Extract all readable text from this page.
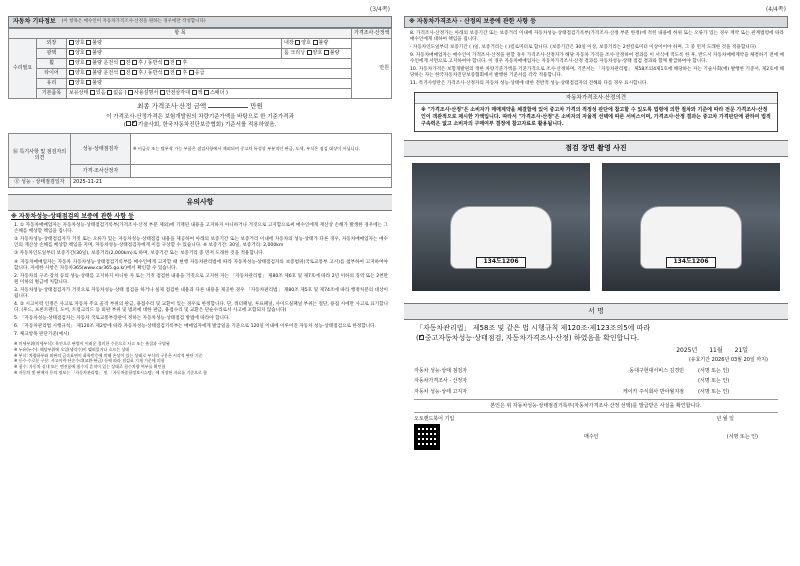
(3/4쪽)
자동차 기타정보 (이 항목은 매수인이 자동차가격조사·산정을 원하는 경우에만 작성합니다)
항 목				가격조사·산정액
수리필요	외장	양호 불량	내장 양호 불량	만원
	광택	양호 불량	룸 크리닝 양호 불량	
	휠	양호 불량 운전석 전 후 / 동반석 전 후		
	타이어	양호 불량 운전석 전 후 / 동반석 전 후 응급		
	유리	양호 불량		
	기본품목	보유상태 있음 없음 ( 사용설명서 안전삼각대 잭 스패너 )		
최종 가격조사·산정 금액	만원
이 가격조사·산정가격은 보험개발원의 차량기준가액을 바탕으로 한 기준가격과
( ✓ 기술사회, 한국자동차진단보증협회) 기준서를 적용하였음.
⑯ 특기사항 및 점검자의 의견	성능·상태점검자	※ 비금속 또는 탈부착 가능 부품은 점검사항에서 제외되며 중고차 특성상 부분적인 판금, 도색, 부식은 점검 대상이 아닙니다.
	가격·조사산정자	
⑰ 성능 · 상태점검일자	2025-11-21	
유의사항
※ 자동차성능·상태점검의 보증에 관한 사항 등

1. ① 자동차매매업자는 자동차성능·상태점검기록부(가격조사·산정 부분 제외)에 기재된 내용을 고지하지 아니하거나 거짓으로 고지함으로써 매수인에게 재산상 손해가 발생한 경우에는 그 손해를 배상할 책임을 집니다.

② 자동차성능·상태점검자가 거짓 또는 오류가 있는 자동차성능·상태점검 내용을 제공하여 아래의 보증기간 또는 보증거리 이내에 자동차의 성능·상태가 다른 경우, 자동차매매업자는 매수인의 재산상 손해를 배상할 책임을 지며, 자동차성능·상태점검자에게 이를 구상할 수 있습니다. ※ 보증기간: 30일, 보증거리: 2,000km

③ 자동차인도일부터 보증기간(30일), 보증거리(2,000km)로 하며, 보증기간 또는 보증거리 중 먼저 도래한 것을 적용합니다.

④ 자동차매매업자는 자동차 자동차성능·상태점검기록부를 매수인에게 고지할 때 현행 자동차관리법에 따라 자동차성능·상태점검자의 보증범위(국토교통부 고시)를 첨부하여 고지하여야 합니다. 자세한 사항은 자동차365(www.car365.go.kr)에서 확인할 수 있습니다.

2. 자동차의 구조·장치 등의 성능·상태를 고지하지 아니한 자 또는 거짓 점검한 내용을 거짓으로 고지한 자는 「자동차관리법」 제80조 제6호 및 제7호에 따라 2년 이하의 징역 또는 2천만원 이하의 벌금에 처합니다.

3. 자동차성능·상태점검자가 거짓으로 자동차성능·상태 점검을 하거나 실제 점검한 내용과 다른 내용을 제공한 경우 「자동차관리법」 제80조 제5호 및 제74조에 따라 행정처분의 대상이 됩니다.

4. ② 시고이력 인정은 사고로 자동차 주요 골격 부위의 판금, 용접수리 및 교환이 있는 경우로 한정합니다. 단, 쿼터패널, 루프패널, 사이드실패널 부위는 절단, 용접 시에만 사고로 표기합니다. (후드, 프론트펜더, 도어, 트렁크리드 등 외판 부위 및 범퍼에 대한 판금, 용접수리 및 교환은 단순수리로서 사고에 포함되지 않습니다)

5. 「자동차성능·상태점검자는 자동차 국토교통부장관이 정하는 자동차성능·상태점검 방법에 따라야 합니다.

6. 「자동차관리법 시행규칙」 제120조 제2항에 따라 자동차성능·상태점검기록부는 매매업자에게 발급일을 기준으로 120일 이내에 이루어진 자동차 성능·상태점검으로 한정합니다.

7. 체크항목 판단기준(예시)

※ 미세부위(미세부식): 육안으로 판별이 어려운 경미한 수준으로 사고 또는 흠집과 구별됨

※ 누유(누수): 해당부위에 오일(냉각수)이 맺혀있거나 흐르는 상태

※ 부식: 차량하부와 외판의 금속표면이 화학반응에 의해 손상이 있는 상태로 부식의 구분은 시각적 판단 기준

※ 등수·수로분 구분: 사고이력·단순수리(교환·판금) 등에 따라 점검표 기재 기준에 의함

※ 침수: 자동차 실내 또는 엔진룸에 침수의 흔적이 있는 상태로 침수차량 여부를 확인함

※ 자동차 및 판매자 등의 정보는 「자동차관리법」 및 「자동차종합정보시스템」에 저장된 자료를 기준으로 함

(4/4쪽)
※ 자동차가격조사 · 산정의 보증에 관한 사항 등

8. 가격조사·산정가는 아래의 보증기간 또는 보증거리 이내에 자동차성능·상태점검기록부(가격조사·산정 부분 한정)에 적힌 내용에 허위 또는 오류가 있는 경우 계약 또는 관계법령에 따라 매수인에게 대하여 책임을 집니다.

· 자동차인도일부터 보증기간 ( )일, 보증거리는 ( )킬로미터로 합니다. (보증기간은 30일 이상, 보증거리는 2천킬로미터 이상이어야 하며, 그 중 먼저 도래한 것을 적용합니다)

9. 자동차매매업자는 매수인이 가격조사·산정을 원할 경우 가격조사·산정자가 해당 자동차 가격을 조사·산정하여 결과를 이 서식에 적도록 한 후, 반드시 자동차매매계약을 체결하기 전에 매수인에게 서면으로 고지하여야 합니다. 이 경우 자동차매매업자는 자동차가격조사·산정 결과를 자동차성능·상태 점검 결과와 함께 발급하여야 합니다.

10. 자동차가격은 보험개발원의 정한 차량기준가액을 기준가격으로 조사·산정하며, 기본서는 「자동차관리법」 제58조의4제1호에 해당하는 자는 기술사회(예) 발행한 기준서, 제2호에 해당하는 자는 한국자동차진단보증협회에서 발행한 기준서를 각각 적용합니다.

11. 특기사항란은 가격조사·산정자의 자동차 성능·상태에 대한 전반적 성능·상태점검자의 견해와 다를 경우 표시합니다.

자동차가격조사·산정의견
※ "가격조사·산정"은 소비자가 매매계약을 체결함에 있어 중고차 가격의 적정성 판단에 참고할 수 있도록 법령에 의한 절차와 기준에 따라 전문 가격조사·산정인이 객관적으로 제시한 가액입니다. 따라서 "가격조사·산정"은 소비자의 자율적 선택에 따른 서비스이며, 가격조사·산정 결과는 중고차 가격판단에 관하여 법적 구속력은 없고 소비자의 구매여부 결정에 참고자료로 활용됩니다.
점검 장면 촬영 사진
134도1206	134도1206
서 명
「자동차관리법」 제58조 및 같은 법 시행규칙 제120조·제123조의5에 따라
( ✓ 중고자동차성능·상태점검, 자동차가격조사·산정) 하였음을 확인합니다.
2025년 11월 21일
(유효기간 2026년 03월 20일 까지)
자동차 성능·상태 점검자	동대구현대서비스 김경민	(서명 또는 인)
자동차가격조사 · 산정자	(서명 또는 인)
자동차 성능·상태 고지자	케이카 주식회사 반야월지점	(서명 또는 인)
본인은 위 자동차성능·상태점검기록부(자동차가격조사·산정 선택)를 발급받은 사실을 확인합니다.
오토핸드북어 기입	년 월 일
매수인	(서명 또는 인)
